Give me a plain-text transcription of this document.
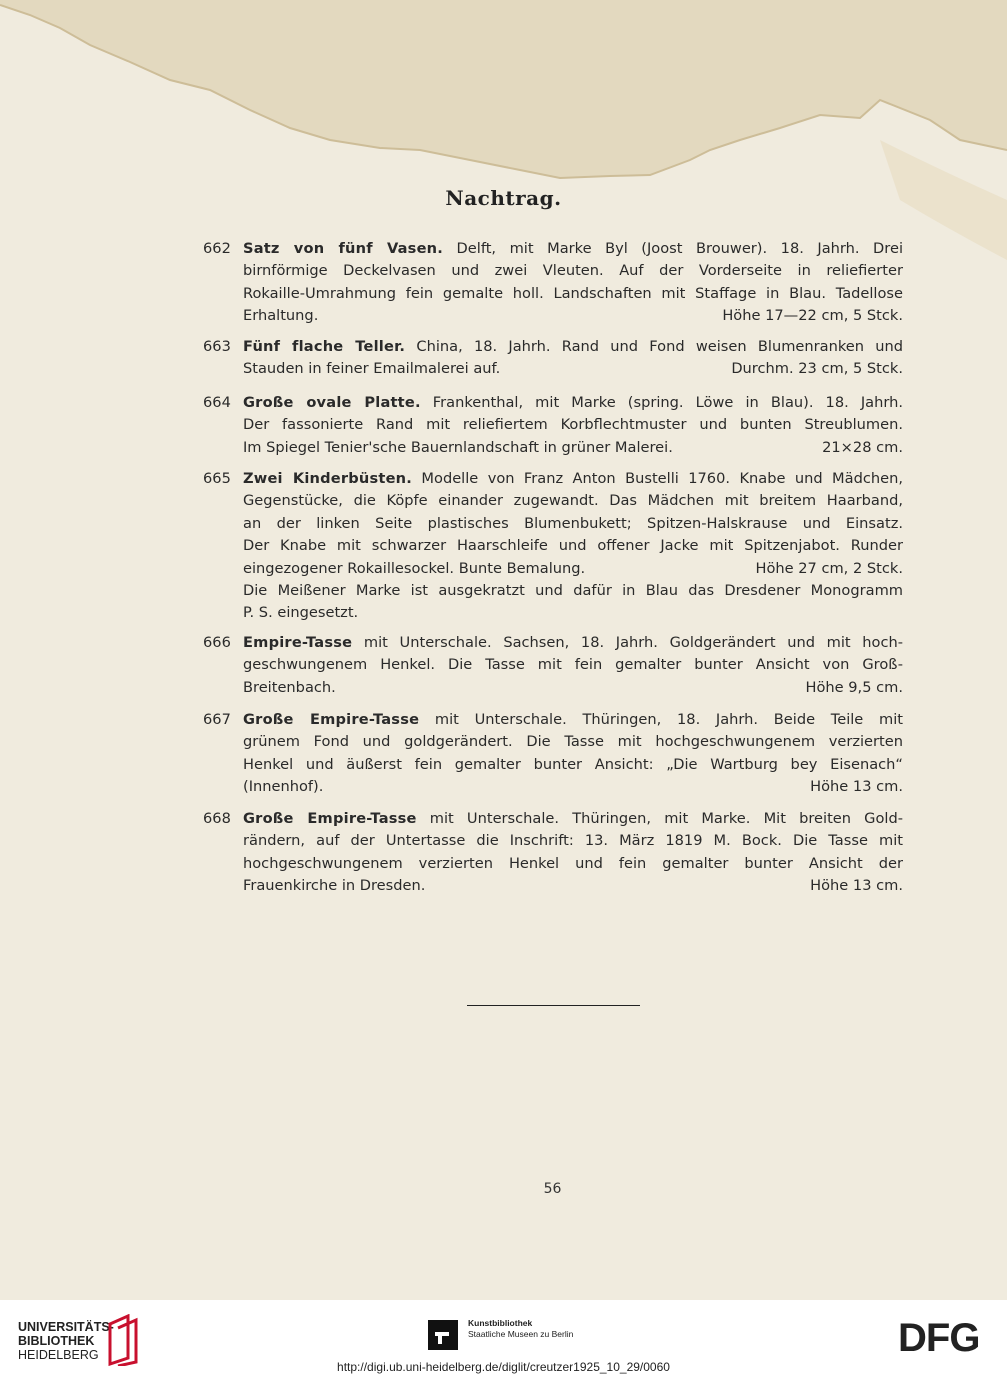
Nachtrag.
662 Satz von fünf Vasen. Delft, mit Marke Byl (Joost Brouwer). 18. Jahrh. Drei
birnförmige Deckelvasen und zwei Vleuten. Auf der Vorderseite in reliefierter
Rokaille-Umrahmung fein gemalte holl. Landschaften mit Staffage in Blau. Tadellose
Erhaltung.	Höhe 17—22 cm, 5 Stck.
663 Fünf flache Teller. China, 18. Jahrh. Rand und Fond weisen Blumenranken und
Stauden in feiner Emailmalerei auf.	Durchm. 23 cm, 5 Stck.
664 Große ovale Platte. Frankenthal, mit Marke (spring. Löwe in Blau). 18. Jahrh.
Der fassonierte Rand mit reliefiertem Korbflechtmuster und bunten Streublumen.
Im Spiegel Tenier'sche Bauernlandschaft in grüner Malerei.	21×28 cm.
665 Zwei Kinderbüsten. Modelle von Franz Anton Bustelli 1760. Knabe und Mädchen,
Gegenstücke, die Köpfe einander zugewandt. Das Mädchen mit breitem Haarband,
an der linken Seite plastisches Blumenbukett; Spitzen-Halskrause und Einsatz.
Der Knabe mit schwarzer Haarschleife und offener Jacke mit Spitzenjabot. Runder
eingezogener Rokaillesockel. Bunte Bemalung.	Höhe 27 cm, 2 Stck.
Die Meißener Marke ist ausgekratzt und dafür in Blau das Dresdener Monogramm
P. S. eingesetzt.
666 Empire-Tasse mit Unterschale. Sachsen, 18. Jahrh. Goldgerändert und mit hoch-
geschwungenem Henkel. Die Tasse mit fein gemalter bunter Ansicht von Groß-
Breitenbach.	Höhe 9,5 cm.
667 Große Empire-Tasse mit Unterschale. Thüringen, 18. Jahrh. Beide Teile mit
grünem Fond und goldgerändert. Die Tasse mit hochgeschwungenem verzierten
Henkel und äußerst fein gemalter bunter Ansicht: „Die Wartburg bey Eisenach“
(Innenhof).	Höhe 13 cm.
668 Große Empire-Tasse mit Unterschale. Thüringen, mit Marke. Mit breiten Gold-
rändern, auf der Untertasse die Inschrift: 13. März 1819 M. Bock. Die Tasse mit
hochgeschwungenem verzierten Henkel und fein gemalter bunter Ansicht der
Frauenkirche in Dresden.	Höhe 13 cm.
56
UNIVERSITÄTS-
BIBLIOTHEK
HEIDELBERG
Kunstbibliothek
Staatliche Museen zu Berlin	DFG
http://digi.ub.uni-heidelberg.de/diglit/creutzer1925_10_29/0060
